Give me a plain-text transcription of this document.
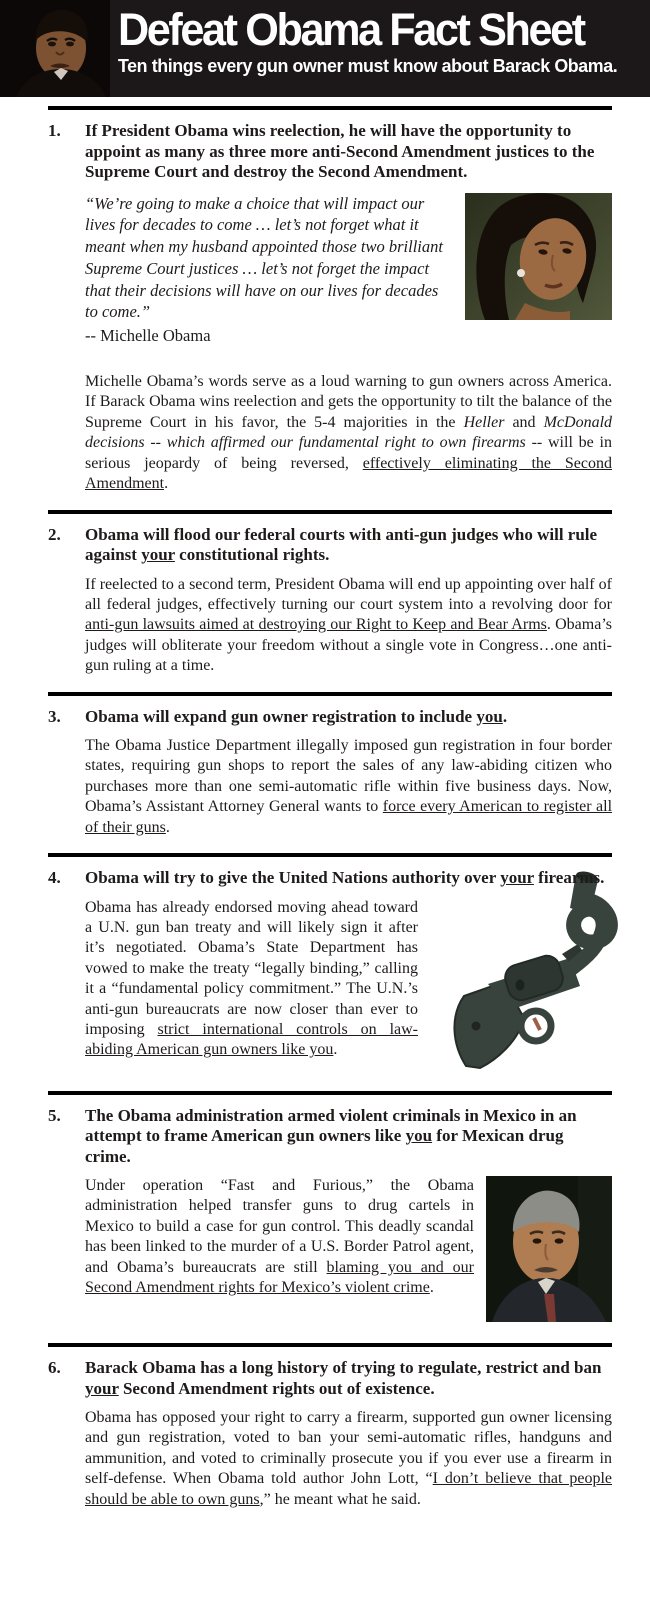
Defeat Obama Fact Sheet
Ten things every gun owner must know about Barack Obama.
1.	If President Obama wins reelection, he will have the opportunity to appoint as many as three more anti-Second Amendment justices to the Supreme Court and destroy the Second Amendment.
“We’re going to make a choice that will impact our lives for decades to come … let’s not forget what it meant when my husband appointed those two brilliant Supreme Court justices … let’s not forget the impact that their decisions will have on our lives for decades to come.”
-- Michelle Obama
Michelle Obama’s words serve as a loud warning to gun owners across America. If Barack Obama wins reelection and gets the opportunity to tilt the balance of the Supreme Court in his favor, the 5-4 majorities in the Heller and McDonald decisions -- which affirmed our fundamental right to own firearms -- will be in serious jeopardy of being reversed, effectively eliminating the Second Amendment.
2.	Obama will flood our federal courts with anti-gun judges who will rule against your constitutional rights.
If reelected to a second term, President Obama will end up appointing over half of all federal judges, effectively turning our court system into a revolving door for anti-gun lawsuits aimed at destroying our Right to Keep and Bear Arms. Obama’s judges will obliterate your freedom without a single vote in Congress…one anti-gun ruling at a time.
3.	Obama will expand gun owner registration to include you.
The Obama Justice Department illegally imposed gun registration in four border states, requiring gun shops to report the sales of any law-abiding citizen who purchases more than one semi-automatic rifle within five business days. Now, Obama’s Assistant Attorney General wants to force every American to register all of their guns.
4.	Obama will try to give the United Nations authority over your firearms.
Obama has already endorsed moving ahead toward a U.N. gun ban treaty and will likely sign it after it’s negotiated. Obama’s State Department has vowed to make the treaty “legally binding,” calling it a “fundamental policy commitment.” The U.N.’s anti-gun bureaucrats are now closer than ever to imposing strict international controls on law-abiding American gun owners like you.
5.	The Obama administration armed violent criminals in Mexico in an attempt to frame American gun owners like you for Mexican drug crime.
Under operation “Fast and Furious,” the Obama administration helped transfer guns to drug cartels in Mexico to build a case for gun control. This deadly scandal has been linked to the murder of a U.S. Border Patrol agent, and Obama’s bureaucrats are still blaming you and our Second Amendment rights for Mexico’s violent crime.
6.	Barack Obama has a long history of trying to regulate, restrict and ban your Second Amendment rights out of existence.
Obama has opposed your right to carry a firearm, supported gun owner licensing and gun registration, voted to ban your semi-automatic rifles, handguns and ammunition, and voted to criminally prosecute you if you ever use a firearm in self-defense. When Obama told author John Lott, “I don’t believe that people should be able to own guns,” he meant what he said.
